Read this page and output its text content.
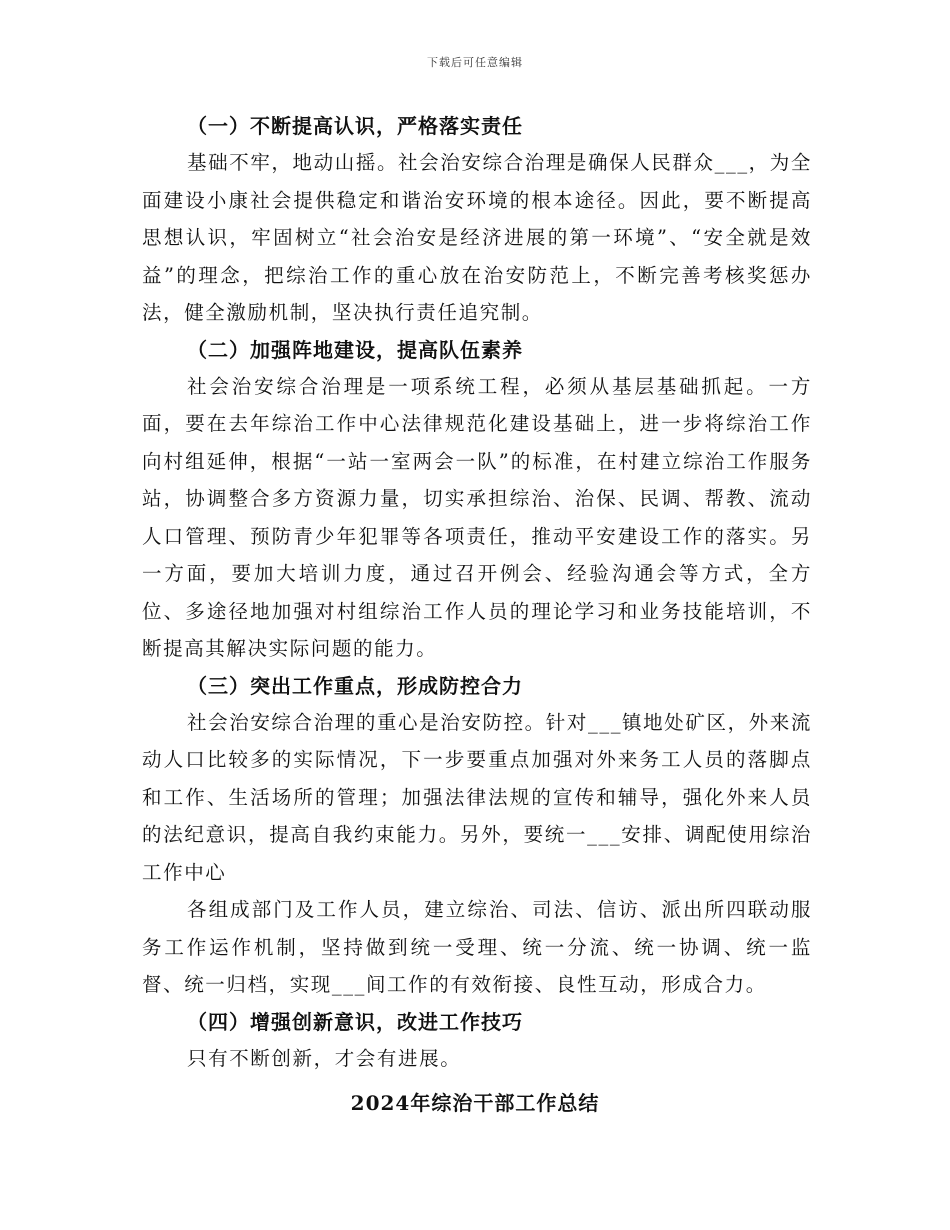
下载后可任意编辑
（一）不断提高认识，严格落实责任

基础不牢，地动山摇。社会治安综合治理是确保人民群众___，为全面建设小康社会提供稳定和谐治安环境的根本途径。因此，要不断提高思想认识，牢固树立“社会治安是经济进展的第一环境”、“安全就是效益”的理念，把综治工作的重心放在治安防范上，不断完善考核奖惩办法，健全激励机制，坚决执行责任追究制。

（二）加强阵地建设，提高队伍素养

社会治安综合治理是一项系统工程，必须从基层基础抓起。一方面，要在去年综治工作中心法律规范化建设基础上，进一步将综治工作向村组延伸，根据“一站一室两会一队”的标准，在村建立综治工作服务站，协调整合多方资源力量，切实承担综治、治保、民调、帮教、流动人口管理、预防青少年犯罪等各项责任，推动平安建设工作的落实。另一方面，要加大培训力度，通过召开例会、经验沟通会等方式，全方位、多途径地加强对村组综治工作人员的理论学习和业务技能培训，不断提高其解决实际问题的能力。

（三）突出工作重点，形成防控合力

社会治安综合治理的重心是治安防控。针对___镇地处矿区，外来流动人口比较多的实际情况，下一步要重点加强对外来务工人员的落脚点和工作、生活场所的管理；加强法律法规的宣传和辅导，强化外来人员的法纪意识，提高自我约束能力。另外，要统一___安排、调配使用综治工作中心

各组成部门及工作人员，建立综治、司法、信访、派出所四联动服务工作运作机制，坚持做到统一受理、统一分流、统一协调、统一监督、统一归档，实现___间工作的有效衔接、良性互动，形成合力。

（四）增强创新意识，改进工作技巧

只有不断创新，才会有进展。

2024年综治干部工作总结
